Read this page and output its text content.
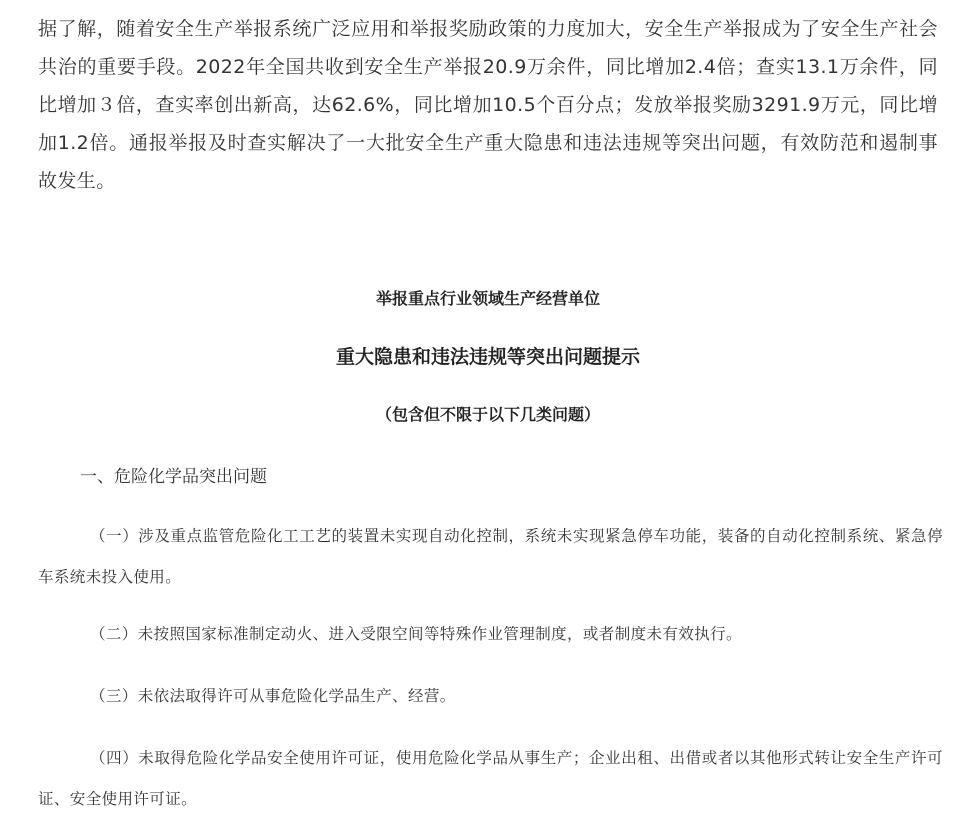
据了解，随着安全生产举报系统广泛应用和举报奖励政策的力度加大，安全生产举报成为了安全生产社会共治的重要手段。2022年全国共收到安全生产举报20.9万余件，同比增加2.4倍；查实13.1万余件，同比增加３倍，查实率创出新高，达62.6%，同比增加10.5个百分点；发放举报奖励3291.9万元，同比增加1.2倍。通报举报及时查实解决了一大批安全生产重大隐患和违法违规等突出问题，有效防范和遏制事故发生。

举报重点行业领域生产经营单位
重大隐患和违法违规等突出问题提示
（包含但不限于以下几类问题）

一、危险化学品突出问题

（一）涉及重点监管危险化工工艺的装置未实现自动化控制，系统未实现紧急停车功能，装备的自动化控制系统、紧急停车系统未投入使用。

（二）未按照国家标准制定动火、进入受限空间等特殊作业管理制度，或者制度未有效执行。

（三）未依法取得许可从事危险化学品生产、经营。

（四）未取得危险化学品安全使用许可证，使用危险化学品从事生产；企业出租、出借或者以其他形式转让安全生产许可证、安全使用许可证。
